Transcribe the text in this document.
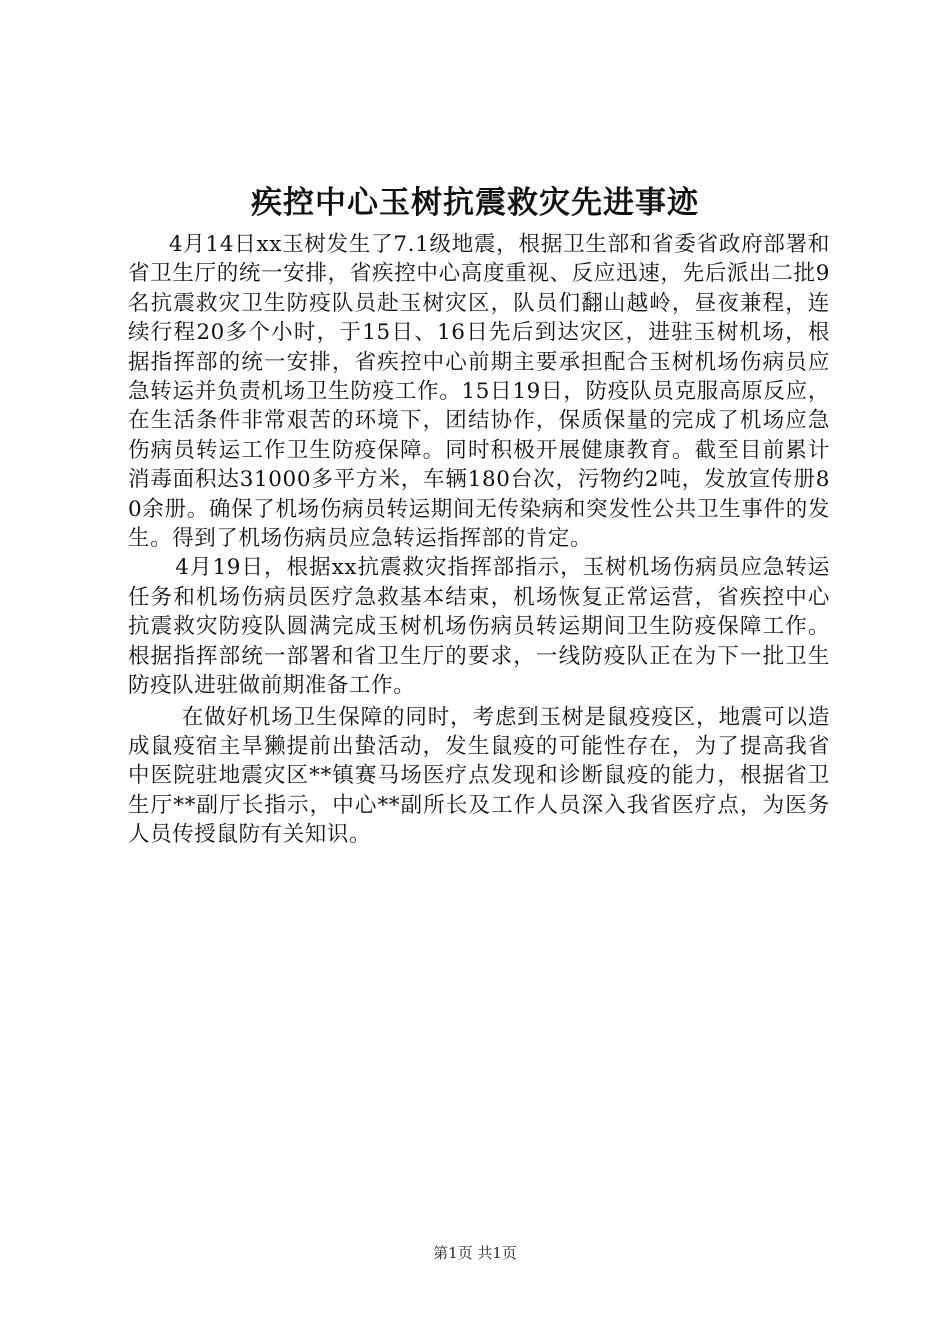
疾控中心玉树抗震救灾先进事迹

4月14日xx玉树发生了7.1级地震，根据卫生部和省委省政府部署和省卫生厅的统一安排，省疾控中心高度重视、反应迅速，先后派出二批9名抗震救灾卫生防疫队员赴玉树灾区，队员们翻山越岭，昼夜兼程，连续行程20多个小时，于15日、16日先后到达灾区，进驻玉树机场，根据指挥部的统一安排，省疾控中心前期主要承担配合玉树机场伤病员应急转运并负责机场卫生防疫工作。15日19日，防疫队员克服高原反应，在生活条件非常艰苦的环境下，团结协作，保质保量的完成了机场应急伤病员转运工作卫生防疫保障。同时积极开展健康教育。截至目前累计消毒面积达31000多平方米，车辆180台次，污物约2吨，发放宣传册80余册。确保了机场伤病员转运期间无传染病和突发性公共卫生事件的发生。得到了机场伤病员应急转运指挥部的肯定。

4月19日，根据xx抗震救灾指挥部指示，玉树机场伤病员应急转运任务和机场伤病员医疗急救基本结束，机场恢复正常运营，省疾控中心抗震救灾防疫队圆满完成玉树机场伤病员转运期间卫生防疫保障工作。根据指挥部统一部署和省卫生厅的要求，一线防疫队正在为下一批卫生防疫队进驻做前期准备工作。

在做好机场卫生保障的同时，考虑到玉树是鼠疫疫区，地震可以造成鼠疫宿主旱獭提前出蛰活动，发生鼠疫的可能性存在，为了提高我省中医院驻地震灾区**镇赛马场医疗点发现和诊断鼠疫的能力，根据省卫生厅**副厅长指示，中心**副所长及工作人员深入我省医疗点，为医务人员传授鼠防有关知识。

第1页 共1页
